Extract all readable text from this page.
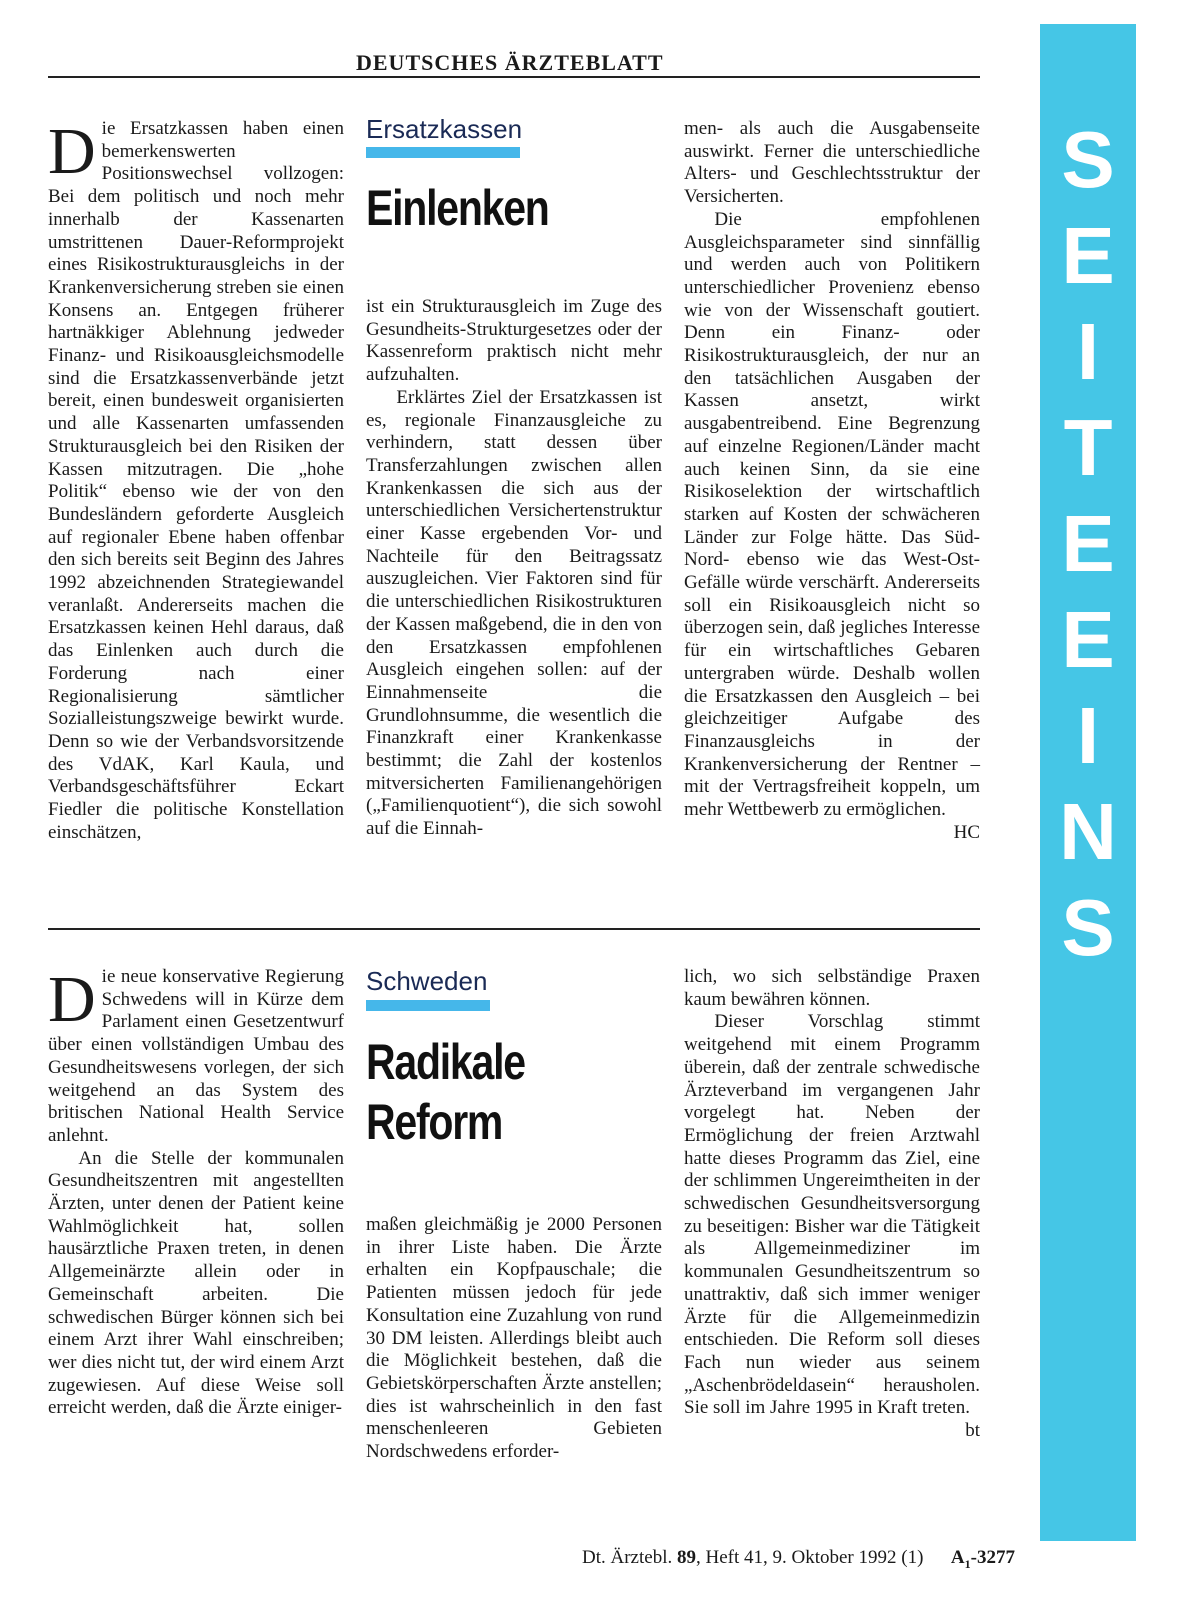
DEUTSCHES ÄRZTEBLATT
S
E
I
T
E
E
I
N
S

Die Ersatzkassen haben einen bemerkenswerten Positionswechsel vollzogen: Bei dem politisch und noch mehr innerhalb der Kassenarten umstrittenen Dauer-Reformprojekt eines Risikostrukturausgleichs in der Krankenversicherung streben sie einen Konsens an. Entgegen früherer hartnäkkiger Ablehnung jedweder Finanz- und Risikoausgleichsmodelle sind die Ersatzkassenverbände jetzt bereit, einen bundesweit organisierten und alle Kassenarten umfassenden Strukturausgleich bei den Risiken der Kassen mitzutragen. Die „hohe Politik“ ebenso wie der von den Bundesländern geforderte Ausgleich auf regionaler Ebene haben offenbar den sich bereits seit Beginn des Jahres 1992 abzeichnenden Strategiewandel veranlaßt. Andererseits machen die Ersatzkassen keinen Hehl daraus, daß das Einlenken auch durch die Forderung nach einer Regionalisierung sämtlicher Sozialleistungszweige bewirkt wurde. Denn so wie der Verbandsvorsitzende des VdAK, Karl Kaula, und Verbandsgeschäftsführer Eckart Fiedler die politische Konstellation einschätzen,

Ersatzkassen
Einlenken

ist ein Strukturausgleich im Zuge des Gesundheits-Strukturgesetzes oder der Kassenreform praktisch nicht mehr aufzuhalten.

Erklärtes Ziel der Ersatzkassen ist es, regionale Finanzausgleiche zu verhindern, statt dessen über Transferzahlungen zwischen allen Krankenkassen die sich aus der unterschiedlichen Versichertenstruktur einer Kasse ergebenden Vor- und Nachteile für den Beitragssatz auszugleichen. Vier Faktoren sind für die unterschiedlichen Risikostrukturen der Kassen maßgebend, die in den von den Ersatzkassen empfohlenen Ausgleich eingehen sollen: auf der Einnahmenseite die Grundlohnsumme, die wesentlich die Finanzkraft einer Krankenkasse bestimmt; die Zahl der kostenlos mitversicherten Familienangehörigen („Familienquotient“), die sich sowohl auf die Einnah-

men- als auch die Ausgabenseite auswirkt. Ferner die unterschiedliche Alters- und Geschlechtsstruktur der Versicherten.

Die empfohlenen Ausgleichsparameter sind sinnfällig und werden auch von Politikern unterschiedlicher Provenienz ebenso wie von der Wissenschaft goutiert. Denn ein Finanz- oder Risikostrukturausgleich, der nur an den tatsächlichen Ausgaben der Kassen ansetzt, wirkt ausgabentreibend. Eine Begrenzung auf einzelne Regionen/Länder macht auch keinen Sinn, da sie eine Risikoselektion der wirtschaftlich starken auf Kosten der schwächeren Länder zur Folge hätte. Das Süd-Nord- ebenso wie das West-Ost-Gefälle würde verschärft. Andererseits soll ein Risikoausgleich nicht so überzogen sein, daß jegliches Interesse für ein wirtschaftliches Gebaren untergraben würde. Deshalb wollen die Ersatzkassen den Ausgleich – bei gleichzeitiger Aufgabe des Finanzausgleichs in der Krankenversicherung der Rentner – mit der Vertragsfreiheit koppeln, um mehr Wettbewerb zu ermöglichen.
HC

Die neue konservative Regierung Schwedens will in Kürze dem Parlament einen Gesetzentwurf über einen vollständigen Umbau des Gesundheitswesens vorlegen, der sich weitgehend an das System des britischen National Health Service anlehnt.

An die Stelle der kommunalen Gesundheitszentren mit angestellten Ärzten, unter denen der Patient keine Wahlmöglichkeit hat, sollen hausärztliche Praxen treten, in denen Allgemeinärzte allein oder in Gemeinschaft arbeiten. Die schwedischen Bürger können sich bei einem Arzt ihrer Wahl einschreiben; wer dies nicht tut, der wird einem Arzt zugewiesen. Auf diese Weise soll erreicht werden, daß die Ärzte einiger-

Schweden
Radikale
Reform

maßen gleichmäßig je 2000 Personen in ihrer Liste haben. Die Ärzte erhalten ein Kopfpauschale; die Patienten müssen jedoch für jede Konsultation eine Zuzahlung von rund 30 DM leisten. Allerdings bleibt auch die Möglichkeit bestehen, daß die Gebietskörperschaften Ärzte anstellen; dies ist wahrscheinlich in den fast menschenleeren Gebieten Nordschwedens erforder-

lich, wo sich selbständige Praxen kaum bewähren können.

Dieser Vorschlag stimmt weitgehend mit einem Programm überein, daß der zentrale schwedische Ärzteverband im vergangenen Jahr vorgelegt hat. Neben der Ermöglichung der freien Arztwahl hatte dieses Programm das Ziel, eine der schlimmen Ungereimtheiten in der schwedischen Gesundheitsversorgung zu beseitigen: Bisher war die Tätigkeit als Allgemeinmediziner im kommunalen Gesundheitszentrum so unattraktiv, daß sich immer weniger Ärzte für die Allgemeinmedizin entschieden. Die Reform soll dieses Fach nun wieder aus seinem „Aschenbrödeldasein“ herausholen. Sie soll im Jahre 1995 in Kraft treten.
bt

Dt. Ärztebl. 89, Heft 41, 9. Oktober 1992 (1) $A_1-3277$
